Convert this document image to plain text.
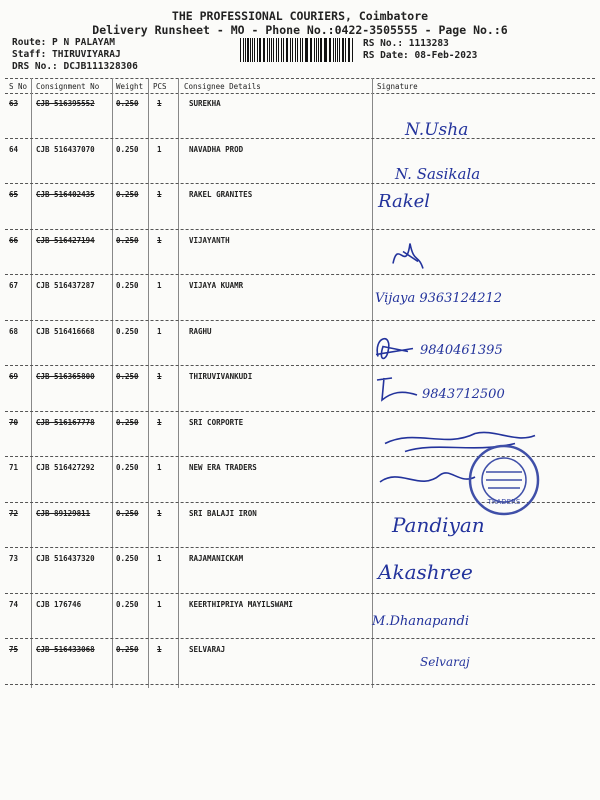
THE PROFESSIONAL COURIERS, Coimbatore
Delivery Runsheet - MO - Phone No.:0422-3505555 - Page No.:6
Route: P N PALAYAM
Staff: THIRUVIYARAJ
DRS No.: DCJB111328306
RS No.: 1113283
RS Date: 08-Feb-2023
S No Consignment No Weight PCS Consignee Details	Signature
63 CJB 516395552	0.250 1	SUREKHA
N.Usha
64 CJB 516437070	0.250 1	NAVADHA PROD
N. Sasikala
65 CJB 516402435	0.250 1	RAKEL GRANITES	Rakel
66 CJB 516427194	0.250 1	VIJAYANTH
67 CJB 516437287	0.250 1	VIJAYA KUAMR
Vijaya 9363124212
68 CJB 516416668	0.250 1	RAGHU
9840461395
69 CJB 516365800	0.250 1	THIRUVIVANKUDI
9843712500
70 CJB 516167778	0.250 1	SRI CORPORTE
71 CJB 516427292	0.250 1	NEW ERA TRADERS
72 CJB 89129811	0.250 1	SRI BALAJI IRON	Pandiyan
73 CJB 516437320	0.250 1	RAJAMANICKAM
Akashree
74 CJB 176746	0.250 1	KEERTHIPRIYA MAYILSWAMI
M.Dhanapandi
75 CJB 516433068	0.250 1	SELVARAJ
Selvaraj
TRADERS
